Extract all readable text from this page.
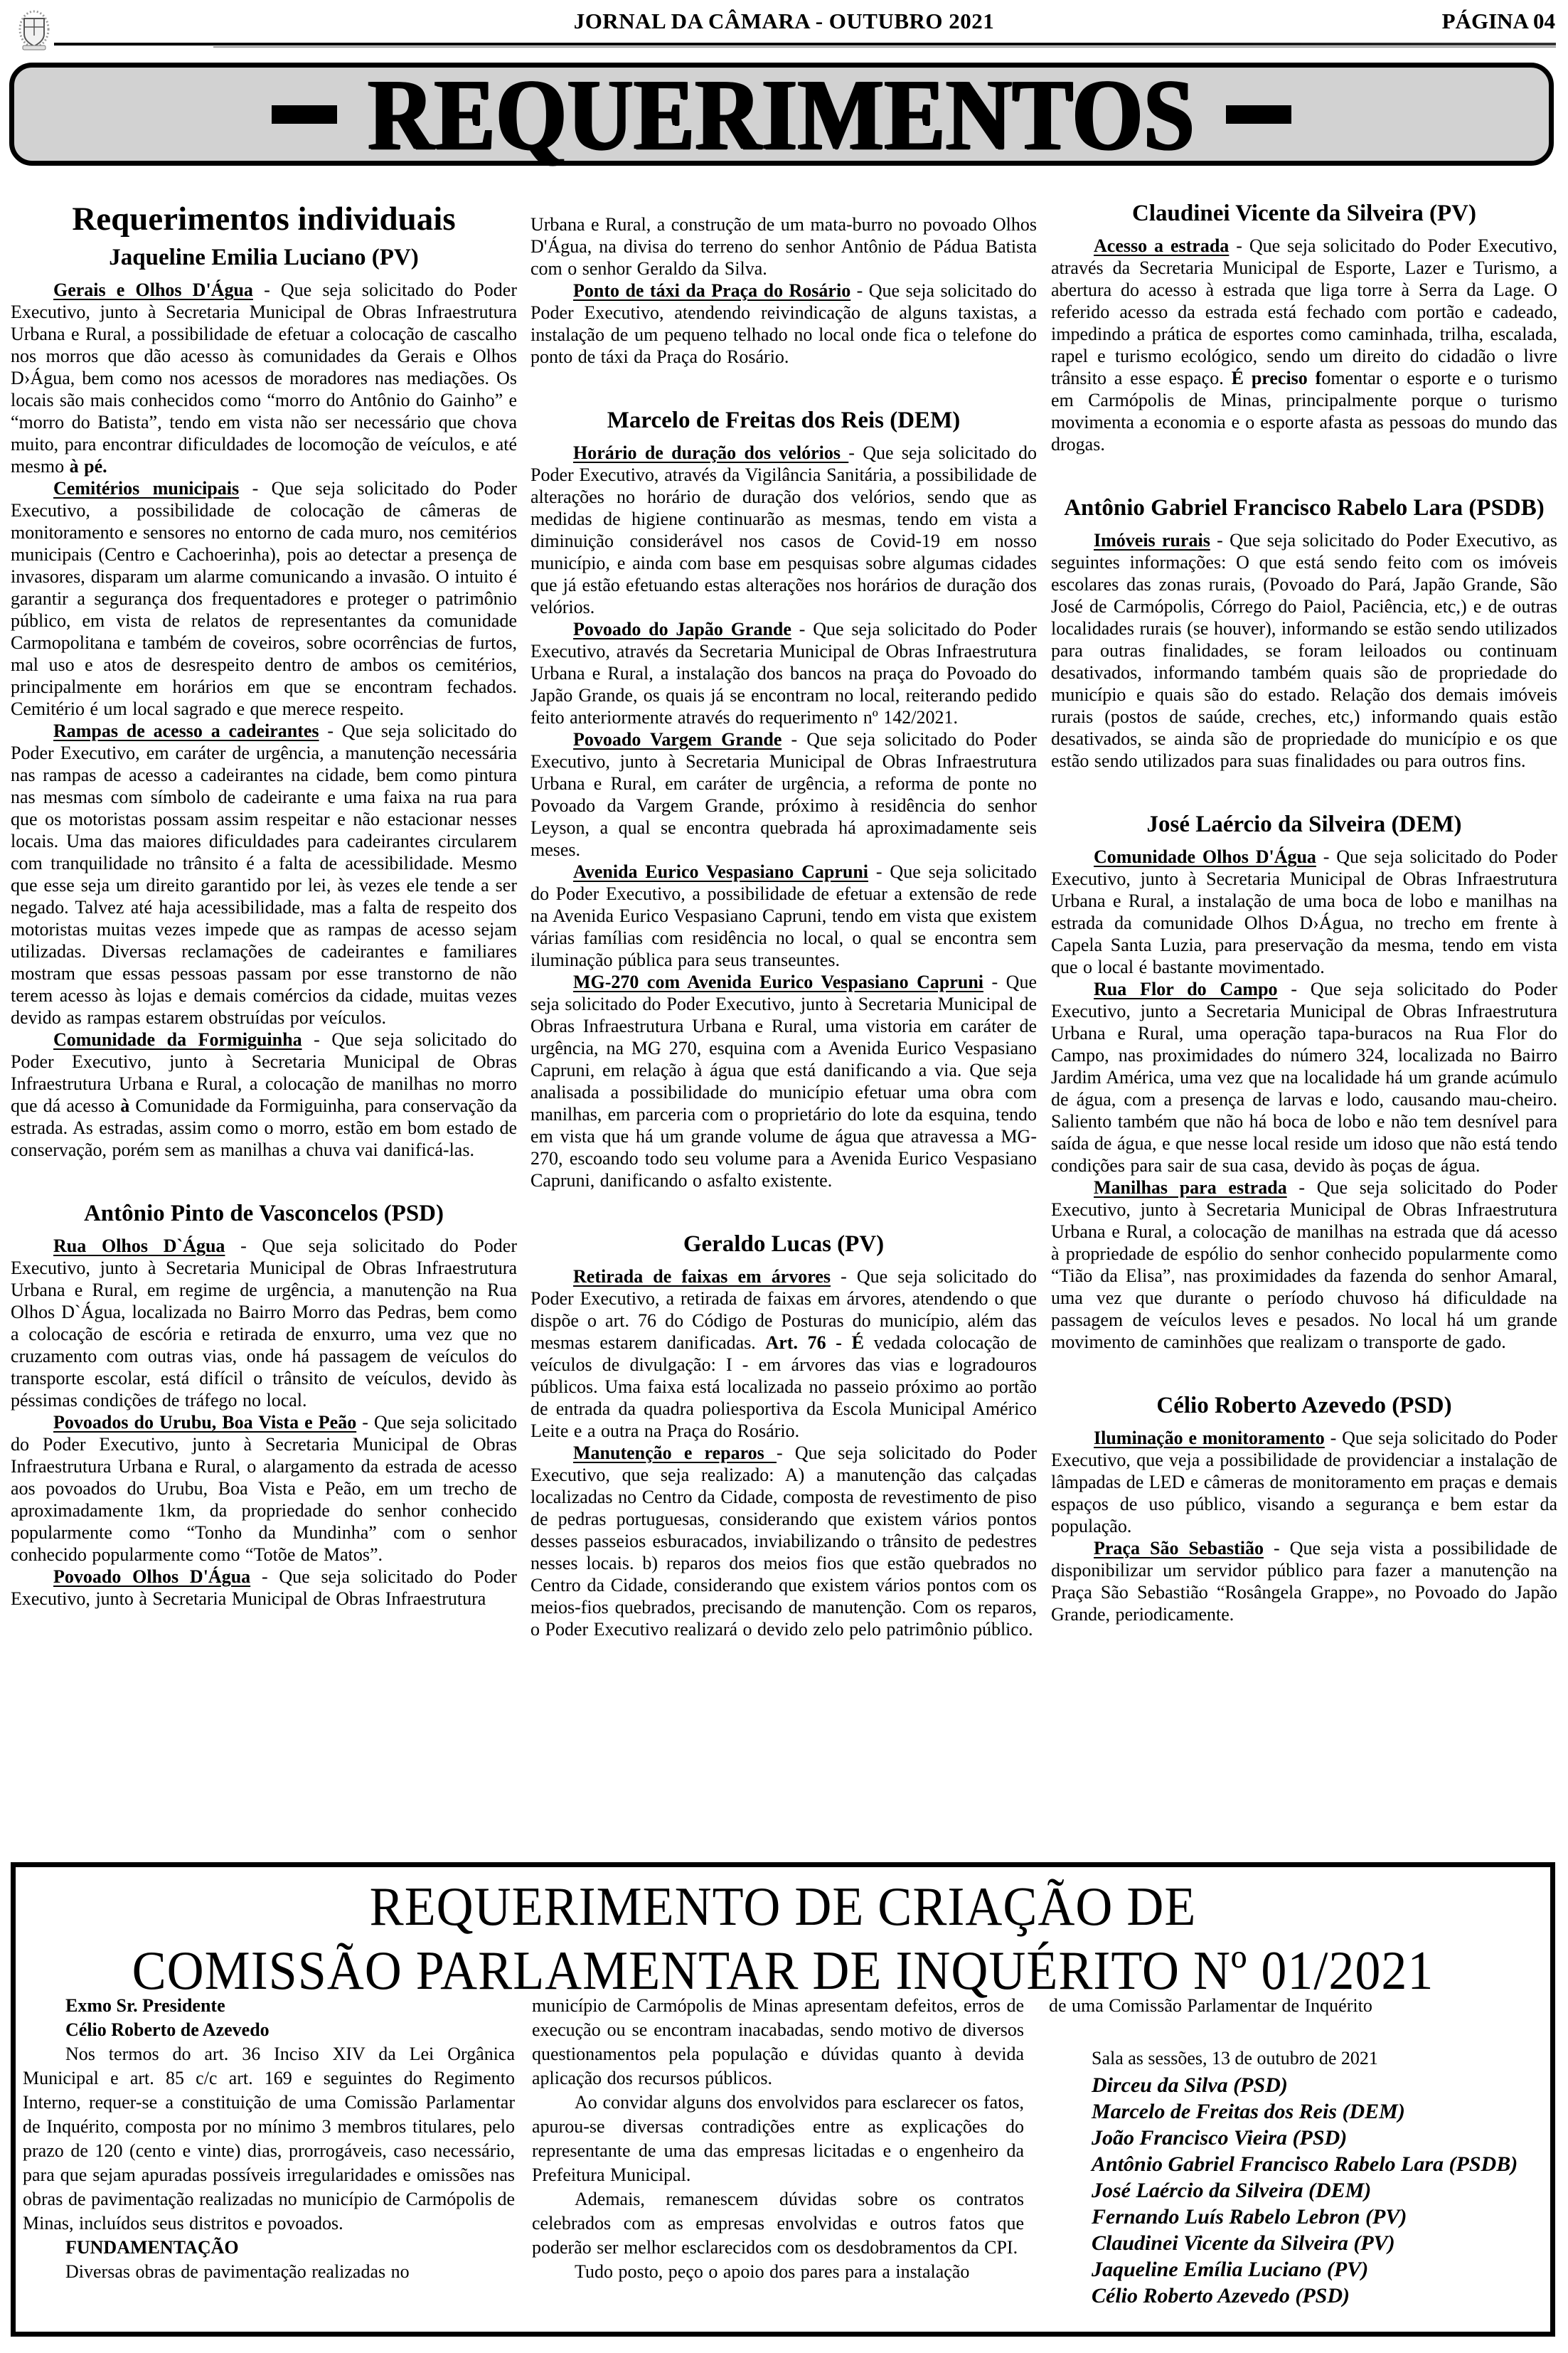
JORNAL DA CÂMARA - OUTUBRO 2021	PÁGINA 04
REQUERIMENTOS
Requerimentos individuais
Jaqueline Emilia Luciano (PV)

Gerais e Olhos D'Água - Que seja solicitado do Poder Executivo, junto à Secretaria Municipal de Obras Infraestrutura Urbana e Rural, a possibilidade de efetuar a colocação de cascalho nos morros que dão acesso às comunidades da Gerais e Olhos D›Água, bem como nos acessos de moradores nas mediações. Os locais são mais conhecidos como “morro do Antônio do Gainho” e “morro do Batista”, tendo em vista não ser necessário que chova muito, para encontrar dificuldades de locomoção de veículos, e até mesmo à pé.

Cemitérios municipais - Que seja solicitado do Poder Executivo, a possibilidade de colocação de câmeras de monitoramento e sensores no entorno de cada muro, nos cemitérios municipais (Centro e Cachoerinha), pois ao detectar a presença de invasores, disparam um alarme comunicando a invasão. O intuito é garantir a segurança dos frequentadores e proteger o patrimônio público, em vista de relatos de representantes da comunidade Carmopolitana e também de coveiros, sobre ocorrências de furtos, mal uso e atos de desrespeito dentro de ambos os cemitérios, principalmente em horários em que se encontram fechados. Cemitério é um local sagrado e que merece respeito.

Rampas de acesso a cadeirantes - Que seja solicitado do Poder Executivo, em caráter de urgência, a manutenção necessária nas rampas de acesso a cadeirantes na cidade, bem como pintura nas mesmas com símbolo de cadeirante e uma faixa na rua para que os motoristas possam assim respeitar e não estacionar nesses locais. Uma das maiores dificuldades para cadeirantes circularem com tranquilidade no trânsito é a falta de acessibilidade. Mesmo que esse seja um direito garantido por lei, às vezes ele tende a ser negado. Talvez até haja acessibilidade, mas a falta de respeito dos motoristas muitas vezes impede que as rampas de acesso sejam utilizadas. Diversas reclamações de cadeirantes e familiares mostram que essas pessoas passam por esse transtorno de não terem acesso às lojas e demais comércios da cidade, muitas vezes devido as rampas estarem obstruídas por veículos.

Comunidade da Formiguinha - Que seja solicitado do Poder Executivo, junto à Secretaria Municipal de Obras Infraestrutura Urbana e Rural, a colocação de manilhas no morro que dá acesso à Comunidade da Formiguinha, para conservação da estrada. As estradas, assim como o morro, estão em bom estado de conservação, porém sem as manilhas a chuva vai danificá-las.

Antônio Pinto de Vasconcelos (PSD)

Rua Olhos D`Água - Que seja solicitado do Poder Executivo, junto à Secretaria Municipal de Obras Infraestrutura Urbana e Rural, em regime de urgência, a manutenção na Rua Olhos D`Água, localizada no Bairro Morro das Pedras, bem como a colocação de escória e retirada de enxurro, uma vez que no cruzamento com outras vias, onde há passagem de veículos do transporte escolar, está difícil o trânsito de veículos, devido às péssimas condições de tráfego no local.

Povoados do Urubu, Boa Vista e Peão - Que seja solicitado do Poder Executivo, junto à Secretaria Municipal de Obras Infraestrutura Urbana e Rural, o alargamento da estrada de acesso aos povoados do Urubu, Boa Vista e Peão, em um trecho de aproximadamente 1km, da propriedade do senhor conhecido popularmente como “Tonho da Mundinha” com o senhor conhecido popularmente como “Totõe de Matos”.

Povoado Olhos D'Água - Que seja solicitado do Poder Executivo, junto à Secretaria Municipal de Obras Infraestrutura

Urbana e Rural, a construção de um mata-burro no povoado Olhos D'Água, na divisa do terreno do senhor Antônio de Pádua Batista com o senhor Geraldo da Silva.

Ponto de táxi da Praça do Rosário - Que seja solicitado do Poder Executivo, atendendo reivindicação de alguns taxistas, a instalação de um pequeno telhado no local onde fica o telefone do ponto de táxi da Praça do Rosário.

Marcelo de Freitas dos Reis (DEM)

Horário de duração dos velórios - Que seja solicitado do Poder Executivo, através da Vigilância Sanitária, a possibilidade de alterações no horário de duração dos velórios, sendo que as medidas de higiene continuarão as mesmas, tendo em vista a diminuição considerável nos casos de Covid-19 em nosso município, e ainda com base em pesquisas sobre algumas cidades que já estão efetuando estas alterações nos horários de duração dos velórios.

Povoado do Japão Grande - Que seja solicitado do Poder Executivo, através da Secretaria Municipal de Obras Infraestrutura Urbana e Rural, a instalação dos bancos na praça do Povoado do Japão Grande, os quais já se encontram no local, reiterando pedido feito anteriormente através do requerimento nº 142/2021.

Povoado Vargem Grande - Que seja solicitado do Poder Executivo, junto à Secretaria Municipal de Obras Infraestrutura Urbana e Rural, em caráter de urgência, a reforma de ponte no Povoado da Vargem Grande, próximo à residência do senhor Leyson, a qual se encontra quebrada há aproximadamente seis meses.

Avenida Eurico Vespasiano Capruni - Que seja solicitado do Poder Executivo, a possibilidade de efetuar a extensão de rede na Avenida Eurico Vespasiano Capruni, tendo em vista que existem várias famílias com residência no local, o qual se encontra sem iluminação pública para seus transeuntes.

MG-270 com Avenida Eurico Vespasiano Capruni - Que seja solicitado do Poder Executivo, junto à Secretaria Municipal de Obras Infraestrutura Urbana e Rural, uma vistoria em caráter de urgência, na MG 270, esquina com a Avenida Eurico Vespasiano Capruni, em relação à água que está danificando a via. Que seja analisada a possibilidade do município efetuar uma obra com manilhas, em parceria com o proprietário do lote da esquina, tendo em vista que há um grande volume de água que atravessa a MG-270, escoando todo seu volume para a Avenida Eurico Vespasiano Capruni, danificando o asfalto existente.

Geraldo Lucas (PV)

Retirada de faixas em árvores - Que seja solicitado do Poder Executivo, a retirada de faixas em árvores, atendendo o que dispõe o art. 76 do Código de Posturas do município, além das mesmas estarem danificadas. Art. 76 - É vedada colocação de veículos de divulgação: I - em árvores das vias e logradouros públicos. Uma faixa está localizada no passeio próximo ao portão de entrada da quadra poliesportiva da Escola Municipal Américo Leite e a outra na Praça do Rosário.

Manutenção e reparos - Que seja solicitado do Poder Executivo, que seja realizado: A) a manutenção das calçadas localizadas no Centro da Cidade, composta de revestimento de piso de pedras portuguesas, considerando que existem vários pontos desses passeios esburacados, inviabilizando o trânsito de pedestres nesses locais. b) reparos dos meios fios que estão quebrados no Centro da Cidade, considerando que existem vários pontos com os meios-fios quebrados, precisando de manutenção. Com os reparos, o Poder Executivo realizará o devido zelo pelo patrimônio público.

Claudinei Vicente da Silveira (PV)

Acesso a estrada - Que seja solicitado do Poder Executivo, através da Secretaria Municipal de Esporte, Lazer e Turismo, a abertura do acesso à estrada que liga torre à Serra da Lage. O referido acesso da estrada está fechado com portão e cadeado, impedindo a prática de esportes como caminhada, trilha, escalada, rapel e turismo ecológico, sendo um direito do cidadão o livre trânsito a esse espaço. É preciso fomentar o esporte e o turismo em Carmópolis de Minas, principalmente porque o turismo movimenta a economia e o esporte afasta as pessoas do mundo das drogas.

Antônio Gabriel Francisco Rabelo Lara (PSDB)

Imóveis rurais - Que seja solicitado do Poder Executivo, as seguintes informações: O que está sendo feito com os imóveis escolares das zonas rurais, (Povoado do Pará, Japão Grande, São José de Carmópolis, Córrego do Paiol, Paciência, etc,) e de outras localidades rurais (se houver), informando se estão sendo utilizados para outras finalidades, se foram leiloados ou continuam desativados, informando também quais são de propriedade do município e quais são do estado. Relação dos demais imóveis rurais (postos de saúde, creches, etc,) informando quais estão desativados, se ainda são de propriedade do município e os que estão sendo utilizados para suas finalidades ou para outros fins.

José Laércio da Silveira (DEM)

Comunidade Olhos D'Água - Que seja solicitado do Poder Executivo, junto à Secretaria Municipal de Obras Infraestrutura Urbana e Rural, a instalação de uma boca de lobo e manilhas na estrada da comunidade Olhos D›Água, no trecho em frente à Capela Santa Luzia, para preservação da mesma, tendo em vista que o local é bastante movimentado.

Rua Flor do Campo - Que seja solicitado do Poder Executivo, junto a Secretaria Municipal de Obras Infraestrutura Urbana e Rural, uma operação tapa-buracos na Rua Flor do Campo, nas proximidades do número 324, localizada no Bairro Jardim América, uma vez que na localidade há um grande acúmulo de água, com a presença de larvas e lodo, causando mau-cheiro. Saliento também que não há boca de lobo e não tem desnível para saída de água, e que nesse local reside um idoso que não está tendo condições para sair de sua casa, devido às poças de água.

Manilhas para estrada - Que seja solicitado do Poder Executivo, junto à Secretaria Municipal de Obras Infraestrutura Urbana e Rural, a colocação de manilhas na estrada que dá acesso à propriedade de espólio do senhor conhecido popularmente como “Tião da Elisa”, nas proximidades da fazenda do senhor Amaral, uma vez que durante o período chuvoso há dificuldade na passagem de veículos leves e pesados. No local há um grande movimento de caminhões que realizam o transporte de gado.

Célio Roberto Azevedo (PSD)

Iluminação e monitoramento - Que seja solicitado do Poder Executivo, que veja a possibilidade de providenciar a instalação de lâmpadas de LED e câmeras de monitoramento em praças e demais espaços de uso público, visando a segurança e bem estar da população.

Praça São Sebastião - Que seja vista a possibilidade de disponibilizar um servidor público para fazer a manutenção na Praça São Sebastião “Rosângela Grappe», no Povoado do Japão Grande, periodicamente.

REQUERIMENTO DE CRIAÇÃO DE
COMISSÃO PARLAMENTAR DE INQUÉRITO Nº 01/2021

Exmo Sr. Presidente

Célio Roberto de Azevedo

Nos termos do art. 36 Inciso XIV da Lei Orgânica Municipal e art. 85 c/c art. 169 e seguintes do Regimento Interno, requer-se a constituição de uma Comissão Parlamentar de Inquérito, composta por no mínimo 3 membros titulares, pelo prazo de 120 (cento e vinte) dias, prorrogáveis, caso necessário, para que sejam apuradas possíveis irregularidades e omissões nas obras de pavimentação realizadas no município de Carmópolis de Minas, incluídos seus distritos e povoados.

FUNDAMENTAÇÃO

Diversas obras de pavimentação realizadas no

município de Carmópolis de Minas apresentam defeitos, erros de execução ou se encontram inacabadas, sendo motivo de diversos questionamentos pela população e dúvidas quanto à devida aplicação dos recursos públicos.

Ao convidar alguns dos envolvidos para esclarecer os fatos, apurou-se diversas contradições entre as explicações do representante de uma das empresas licitadas e o engenheiro da Prefeitura Municipal.

Ademais, remanescem dúvidas sobre os contratos celebrados com as empresas envolvidas e outros fatos que poderão ser melhor esclarecidos com os desdobramentos da CPI.

Tudo posto, peço o apoio dos pares para a instalação

de uma Comissão Parlamentar de Inquérito

Sala as sessões, 13 de outubro de 2021

Dirceu da Silva (PSD)

Marcelo de Freitas dos Reis (DEM)

João Francisco Vieira (PSD)

Antônio Gabriel Francisco Rabelo Lara (PSDB)

José Laércio da Silveira (DEM)

Fernando Luís Rabelo Lebron (PV)

Claudinei Vicente da Silveira (PV)

Jaqueline Emília Luciano (PV)

Célio Roberto Azevedo (PSD)
